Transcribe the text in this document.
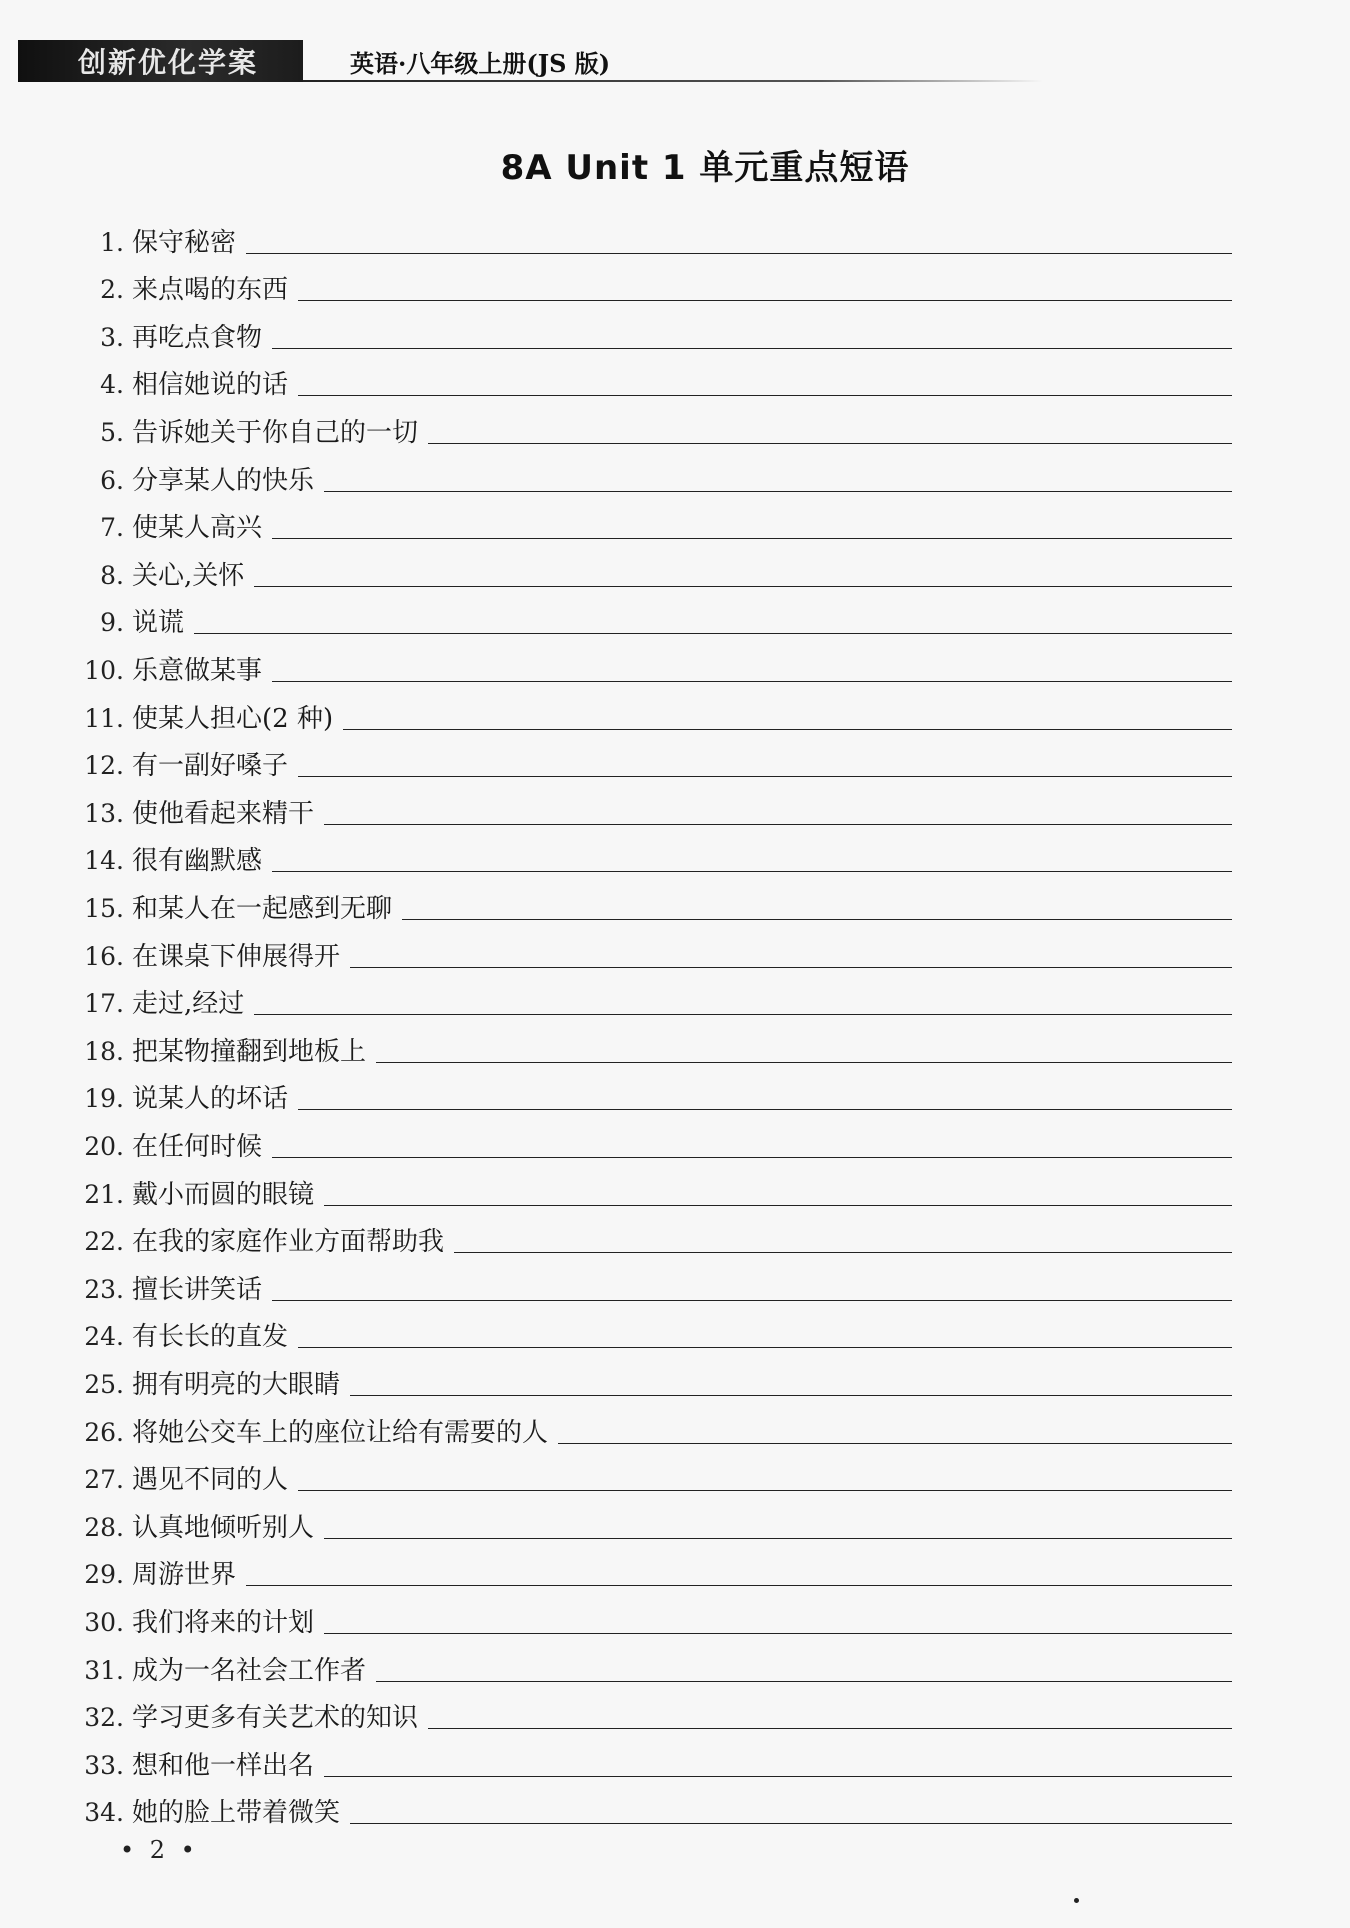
创新优化学案	英语·八年级上册(JS 版)
8A Unit 1 单元重点短语
1. 保守秘密
2. 来点喝的东西
3. 再吃点食物
4. 相信她说的话
5. 告诉她关于你自己的一切
6. 分享某人的快乐
7. 使某人高兴
8. 关心,关怀
9. 说谎
10. 乐意做某事
11. 使某人担心(2 种)
12. 有一副好嗓子
13. 使他看起来精干
14. 很有幽默感
15. 和某人在一起感到无聊
16. 在课桌下伸展得开
17. 走过,经过
18. 把某物撞翻到地板上
19. 说某人的坏话
20. 在任何时候
21. 戴小而圆的眼镜
22. 在我的家庭作业方面帮助我
23. 擅长讲笑话
24. 有长长的直发
25. 拥有明亮的大眼睛
26. 将她公交车上的座位让给有需要的人
27. 遇见不同的人
28. 认真地倾听别人
29. 周游世界
30. 我们将来的计划
31. 成为一名社会工作者
32. 学习更多有关艺术的知识
33. 想和他一样出名
34. 她的脸上带着微笑
• 2 •
